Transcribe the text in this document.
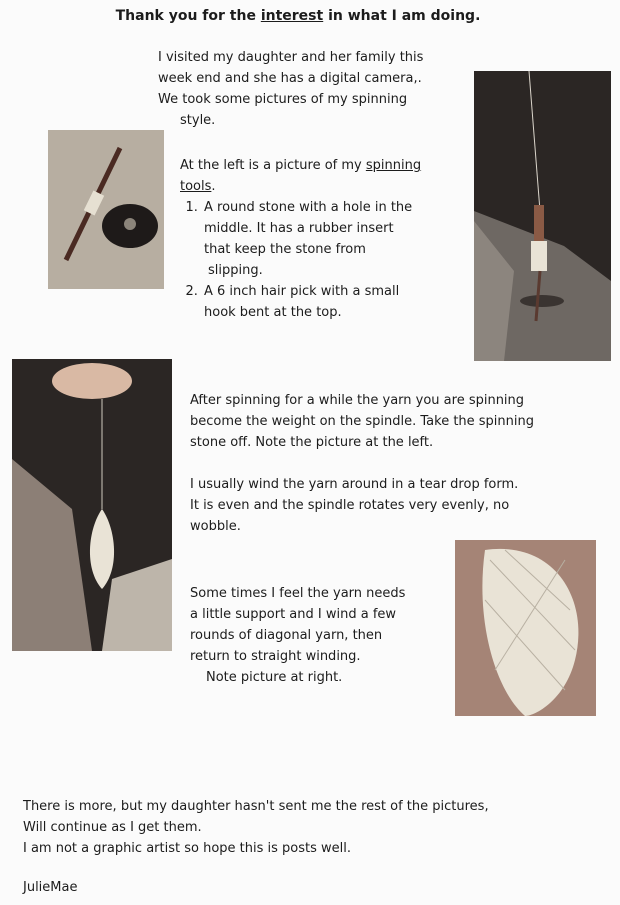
Thank you for the interest in what I am doing.

I visited my daughter and her family this

week end and she has a digital camera,.

We took some pictures of my spinning

style.

At the left is a picture of my spinning

tools.

1. A round stone with a hole in the
middle. It has a rubber insert
that keep the stone from
slipping.
2. A 6 inch hair pick with a small
hook bent at the top.

After spinning for a while the yarn you are spinning

become the weight on the spindle. Take the spinning

stone off. Note the picture at the left.

I usually wind the yarn around in a tear drop form.

It is even and the spindle rotates very evenly, no

wobble.

Some times I feel the yarn needs

a little support and I wind a few

rounds of diagonal yarn, then

return to straight winding.

Note picture at right.

There is more, but my daughter hasn't sent me the rest of the pictures,

Will continue as I get them.

I am not a graphic artist so hope this is posts well.

JulieMae
